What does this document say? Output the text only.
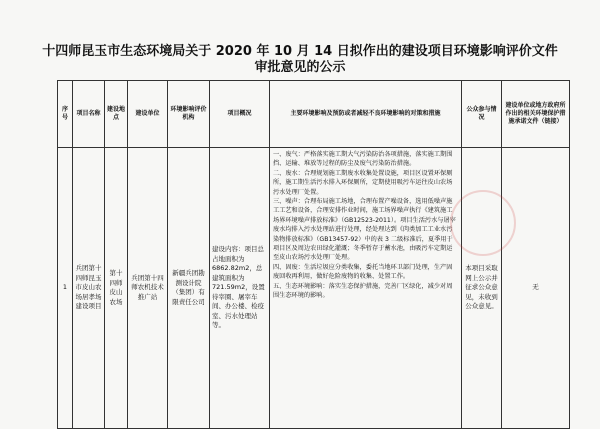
十四师昆玉市生态环境局关于 2020 年 10 月 14 日拟作出的建设项目环境影响评价文件
审批意见的公示
序号	项目名称	建设地点	建设单位	环境影响评价机构	项目概况	主要环境影响及预防或者减轻不良环境影响的对策和措施	公众参与情况	建设单位或地方政府所作出的相关环境保护措施承诺文件（链接）
1	兵团第十四师昆玉市皮山农场居孝场建设项目	第十四师皮山农场	兵团第十四师农机技术推广站	新疆兵团勘测设计院（集团）有限责任公司	建设内容：项目总占地面积为6862.82m2，总建筑面积为721.59m2，设置待宰圈、屠宰车间、办公楼、检疫室、污水处理站等。	一、废气：严格落实施工期大气污染防治各项措施，落实施工期围挡、运输、堆放等过程的防尘及废气污染防治措施。

二、废水：合理规划施工期废水收集处置设施，项目区设置环保厕所，施工期生活污水排入环保厕所，定期使用吸污车运往皮山农场污水处理厂处置。

三、噪声：合理布局施工场地，合理布置产噪设备，选用低噪声施工工艺和设备，合理安排作业时间，施工场界噪声执行《建筑施工场界环境噪声排放标准》（GB12523-2011）。项目生活污水与屠宰废水均排入污水处理站进行处理，经处理达到《肉类加工工业水污染物排放标准》（GB13457-92）中的表 3 二级标准后，夏季用于项目区及周边农田绿化灌溉；冬季暂存于蓄水池，由吸污车定期运至皮山农场污水处理厂处理。

四、固废：生活垃圾应分类收集，委托当地环卫部门处理，生产固废回收再利用，做好危险废物的收集、处置工作。

五、生态环境影响：落实生态保护措施，完善厂区绿化，减少对周围生态环境的影响。	本项目采取网上公示并征求公众意见，未收到公众意见。	无
